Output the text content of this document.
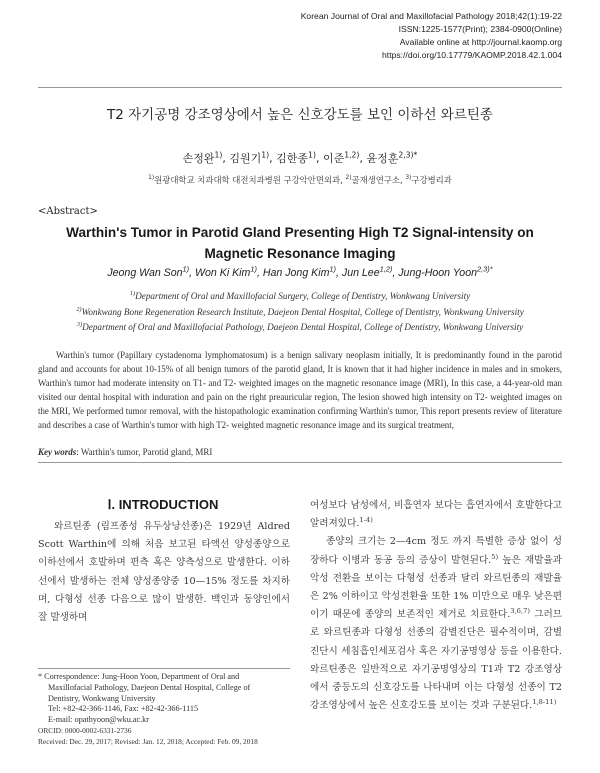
Korean Journal of Oral and Maxillofacial Pathology 2018;42(1):19-22
ISSN:1225-1577(Print); 2384-0900(Online)
Available online at http://journal.kaomp.org
https://doi.org/10.17779/KAOMP.2018.42.1.004
T2 자기공명 강조영상에서 높은 신호강도를 보인 이하선 와르틴종
손정완$^{1)}$, 김원기$^{1)}$, 김한종$^{1)}$, 이준$^{1,2)}$, 윤정훈$^{2,3)*}$
$^{1)}$원광대학교 치과대학 대전치과병원 구강악안면외과, $^{2)}$골재생연구소, $^{3)}$구강병리과
<Abstract>
Warthin's Tumor in Parotid Gland Presenting High T2 Signal-intensity on Magnetic Resonance Imaging
Jeong Wan Son$^{1)}$, Won Ki Kim$^{1)}$, Han Jong Kim$^{1)}$, Jun Lee$^{1,2)}$, Jung-Hoon Yoon$^{2,3)*}$
$^{1)}$Department of Oral and Maxillofacial Surgery, College of Dentistry, Wonkwang University
$^{2)}$Wonkwang Bone Regeneration Research Institute, Daejeon Dental Hospital, College of Dentistry, Wonkwang University
$^{3)}$Department of Oral and Maxillofacial Pathology, Daejeon Dental Hospital, College of Dentistry, Wonkwang University
Warthin's tumor (Papillary cystadenoma lymphomatosum) is a benign salivary neoplasm initially, It is predominantly found in the parotid gland and accounts for about 10-15% of all benign tumors of the parotid gland, It is known that it had higher incidence in males and in smokers, Warthin's tumor had moderate intensity on T1- and T2- weighted images on the magnetic resonance image (MRI), In this case, a 44-year-old man visited our dental hospital with induration and pain on the right preauricular region, The lesion showed high intensity on T2- weighted images on the MRI, We performed tumor removal, with the histopathologic examination confirming Warthin's tumor, This report presents review of literature and describes a case of Warthin's tumor with high T2- weighted magnetic resonance image and its surgical treatment,
Key words: Warthin's tumor, Parotid gland, MRI
Ⅰ. INTRODUCTION

와르틴종 (림프종성 유두상낭선종)은 1929년 Aldred Scott Warthin에 의해 처음 보고된 타액선 양성종양으로 이하선에서 호발하며 편측 혹은 양측성으로 발생한다. 이하선에서 발생하는 전체 양성종양중 10—15% 정도를 차지하며, 다형성 선종 다음으로 많이 발생한. 백인과 동양인에서 잘 발생하며

여성보다 남성에서, 비흡연자 보다는 흡연자에서 호발한다고 알려져있다.$^{1-4)}$

종양의 크기는 2—4cm 정도 까지 특별한 증상 없이 성장하다 이병과 동공 등의 증상이 발현된다.$^{5)}$ 높은 재발율과 악성 전환을 보이는 다형성 선종과 달리 와르틴종의 재발율은 2% 이하이고 악성전환율 또한 1% 미만으로 매우 낮은편이기 때문에 종양의 보존적인 제거로 치료한다.$^{3,6,7)}$ 그러므로 와르틴종과 다형성 선종의 감별진단은 필수적이며, 감별진단시 세침흡인세포검사 혹은 자기공명영상 등을 이용한다. 와르틴종은 일반적으로 자기공명영상의 T1과 T2 강조영상에서 중등도의 신호강도를 나타내며 이는 다형성 선종이 T2 강조영상에서 높은 신호강도를 보이는 것과 구분된다.$^{1,8-11)}$

* Correspondence: Jung-Hoon Yoon, Department of Oral and
Maxillofacial Pathology, Daejeon Dental Hospital, College of
Dentistry, Wonkwang University
Tel: +82-42-366-1146, Fax: +82-42-366-1115
E-mail: opathyoon@wku.ac.kr
ORCID: 0000-0002-6331-2736
Received: Dec. 29, 2017; Revised: Jan. 12, 2018; Accepted: Feb. 09, 2018
